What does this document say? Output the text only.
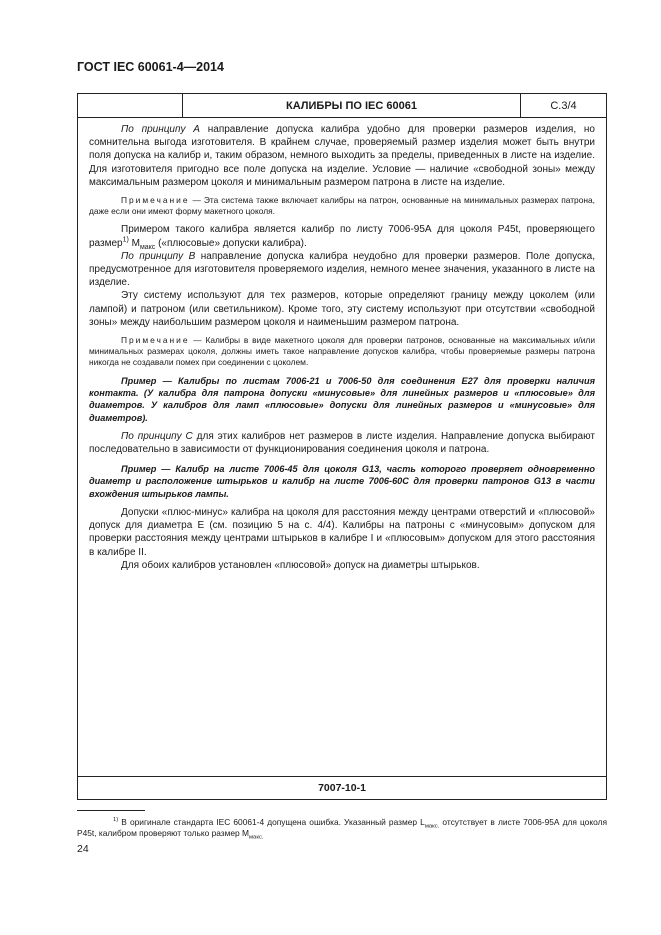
ГОСТ IEC 60061-4—2014
КАЛИБРЫ ПО IEC 60061	С.3/4

По принципу А направление допуска калибра удобно для проверки размеров изделия, но сомнительна выгода изготовителя. В крайнем случае, проверяемый размер изделия может быть внутри поля допуска на калибр и, таким образом, немного выходить за пределы, приведенных в листе на изделие. Для изготовителя пригодно все поле допуска на изделие. Условие — наличие «свободной зоны» между максимальным размером цоколя и минимальным размером патрона в листе на изделие.

Примечание — Эта система также включает калибры на патрон, основанные на минимальных размерах патрона, даже если они имеют форму макетного цоколя.

Примером такого калибра является калибр по листу 7006-95А для цоколя P45t, проверяющего размер$^{1)}$ $М_{макс}$ («плюсовые» допуски калибра).

По принципу В направление допуска калибра неудобно для проверки размеров. Поле допуска, предусмотренное для изготовителя проверяемого изделия, немного менее значения, указанного в листе на изделие.

Эту систему используют для тех размеров, которые определяют границу между цоколем (или лампой) и патроном (или светильником). Кроме того, эту систему используют при отсутствии «свободной зоны» между наибольшим размером цоколя и наименьшим размером патрона.

Примечание — Калибры в виде макетного цоколя для проверки патронов, основанные на максимальных и/или минимальных размерах цоколя, должны иметь такое направление допусков калибра, чтобы проверяемые размеры патрона никогда не создавали помех при соединении с цоколем.

Пример — Калибры по листам 7006-21 и 7006-50 для соединения E27 для проверки наличия контакта. (У калибра для патрона допуски «минусовые» для линейных размеров и «плюсовые» для диаметров. У калибров для ламп «плюсовые» допуски для линейных размеров и «минусовые» для диаметров).

По принципу С для этих калибров нет размеров в листе изделия. Направление допуска выбирают последовательно в зависимости от функционирования соединения цоколя и патрона.

Пример — Калибр на листе 7006-45 для цоколя G13, часть которого проверяет одновременно диаметр и расположение штырьков и калибр на листе 7006-60С для проверки патронов G13 в части вхождения штырьков лампы.

Допуски «плюс-минус» калибра на цоколя для расстояния между центрами отверстий и «плюсовой» допуск для диаметра Е (см. позицию 5 на с. 4/4). Калибры на патроны с «минусовым» допуском для проверки расстояния между центрами штырьков в калибре I и «плюсовым» допуском для этого расстояния в калибре II.

Для обоих калибров установлен «плюсовой» допуск на диаметры штырьков.

7007-10-1
$^{1)}$ В оригинале стандарта IEC 60061-4 допущена ошибка. Указанный размер $L_{макс.}$ отсутствует в листе 7006-95А для цоколя P45t, калибром проверяют только размер $М_{макс.}$
24
